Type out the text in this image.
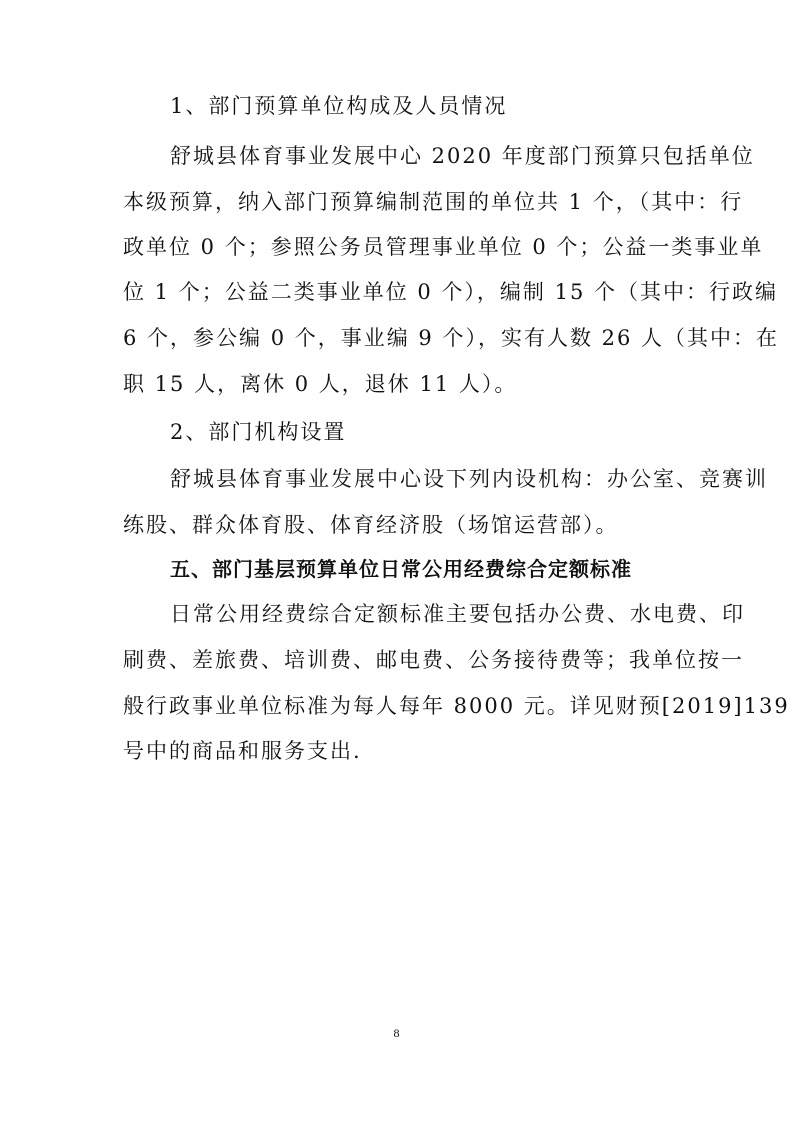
1、部门预算单位构成及人员情况
舒城县体育事业发展中心 2020 年度部门预算只包括单位
本级预算，纳入部门预算编制范围的单位共 1 个，（其中：行
政单位 0 个；参照公务员管理事业单位 0 个；公益一类事业单
位 1 个；公益二类事业单位 0 个），编制 15 个（其中：行政编
6 个，参公编 0 个，事业编 9 个），实有人数 26 人（其中：在
职 15 人，离休 0 人，退休 11 人）。
2、部门机构设置
舒城县体育事业发展中心设下列内设机构：办公室、竞赛训
练股、群众体育股、体育经济股（场馆运营部）。
五、部门基层预算单位日常公用经费综合定额标准
日常公用经费综合定额标准主要包括办公费、水电费、印
刷费、差旅费、培训费、邮电费、公务接待费等；我单位按一
般行政事业单位标准为每人每年 8000 元。详见财预[2019]139
号中的商品和服务支出.
8
